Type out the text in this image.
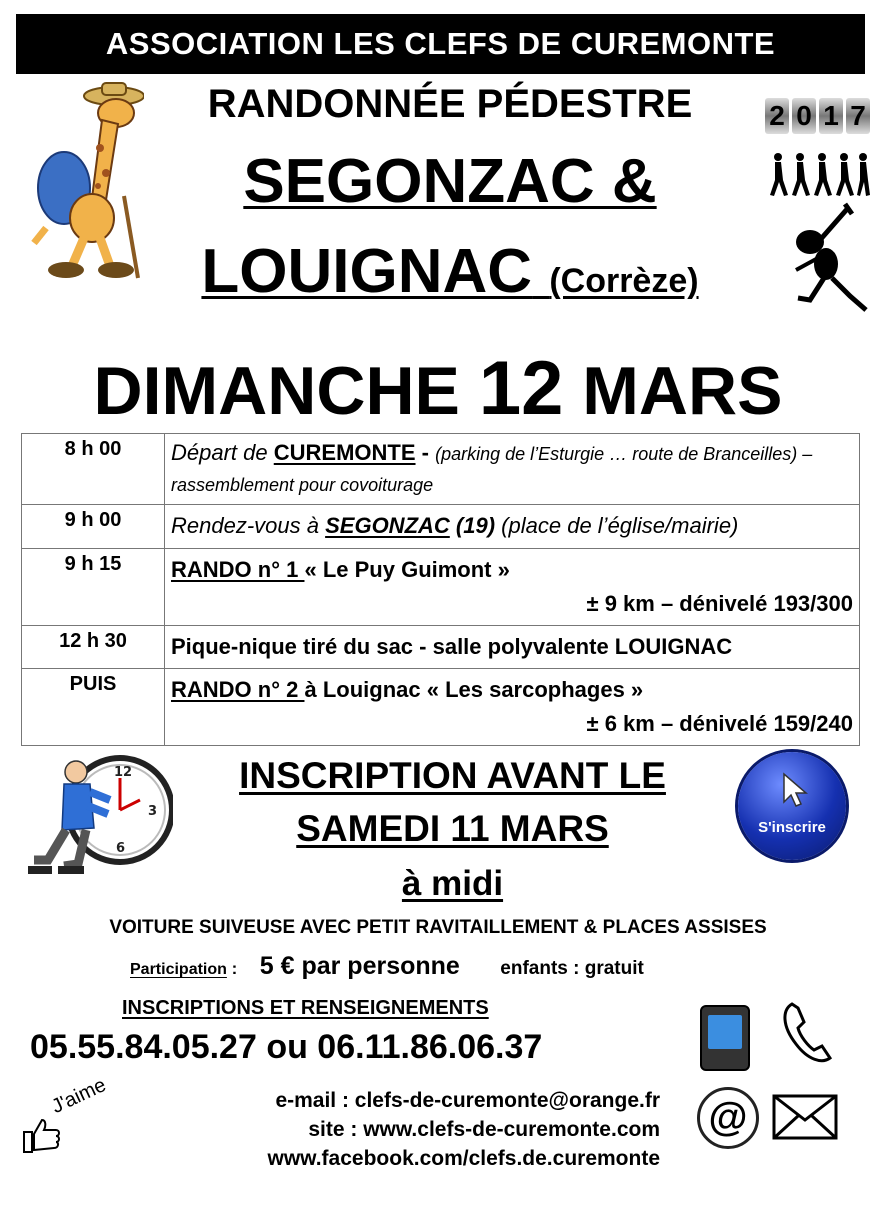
ASSOCIATION LES CLEFS DE CUREMONTE
RANDONNÉE PÉDESTRE
SEGONZAC &
LOUIGNAC (Corrèze)
2 0 1 7
DIMANCHE 12 MARS
8 h 00	Départ de CUREMONTE - (parking de l’Esturgie … route de Branceilles) – rassemblement pour covoiturage
9 h 00	Rendez-vous à SEGONZAC (19) (place de l’église/mairie)
9 h 15	RANDO n° 1 « Le Puy Guimont »
± 9 km – dénivelé 193/300

12 h 30	Pique-nique tiré du sac - salle polyvalente LOUIGNAC
PUIS	RANDO n° 2 à Louignac « Les sarcophages »
± 6 km – dénivelé 159/240
12
3
6
INSCRIPTION AVANT LE
SAMEDI 11 MARS
à midi
S'inscrire
VOITURE SUIVEUSE AVEC PETIT RAVITAILLEMENT & PLACES ASSISES
Participation : 5 € par personne enfants : gratuit
INSCRIPTIONS ET RENSEIGNEMENTS
05.55.84.05.27 ou 06.11.86.06.37
e-mail : clefs-de-curemonte@orange.fr
site : www.clefs-de-curemonte.com
www.facebook.com/clefs.de.curemonte
J'aime	@
